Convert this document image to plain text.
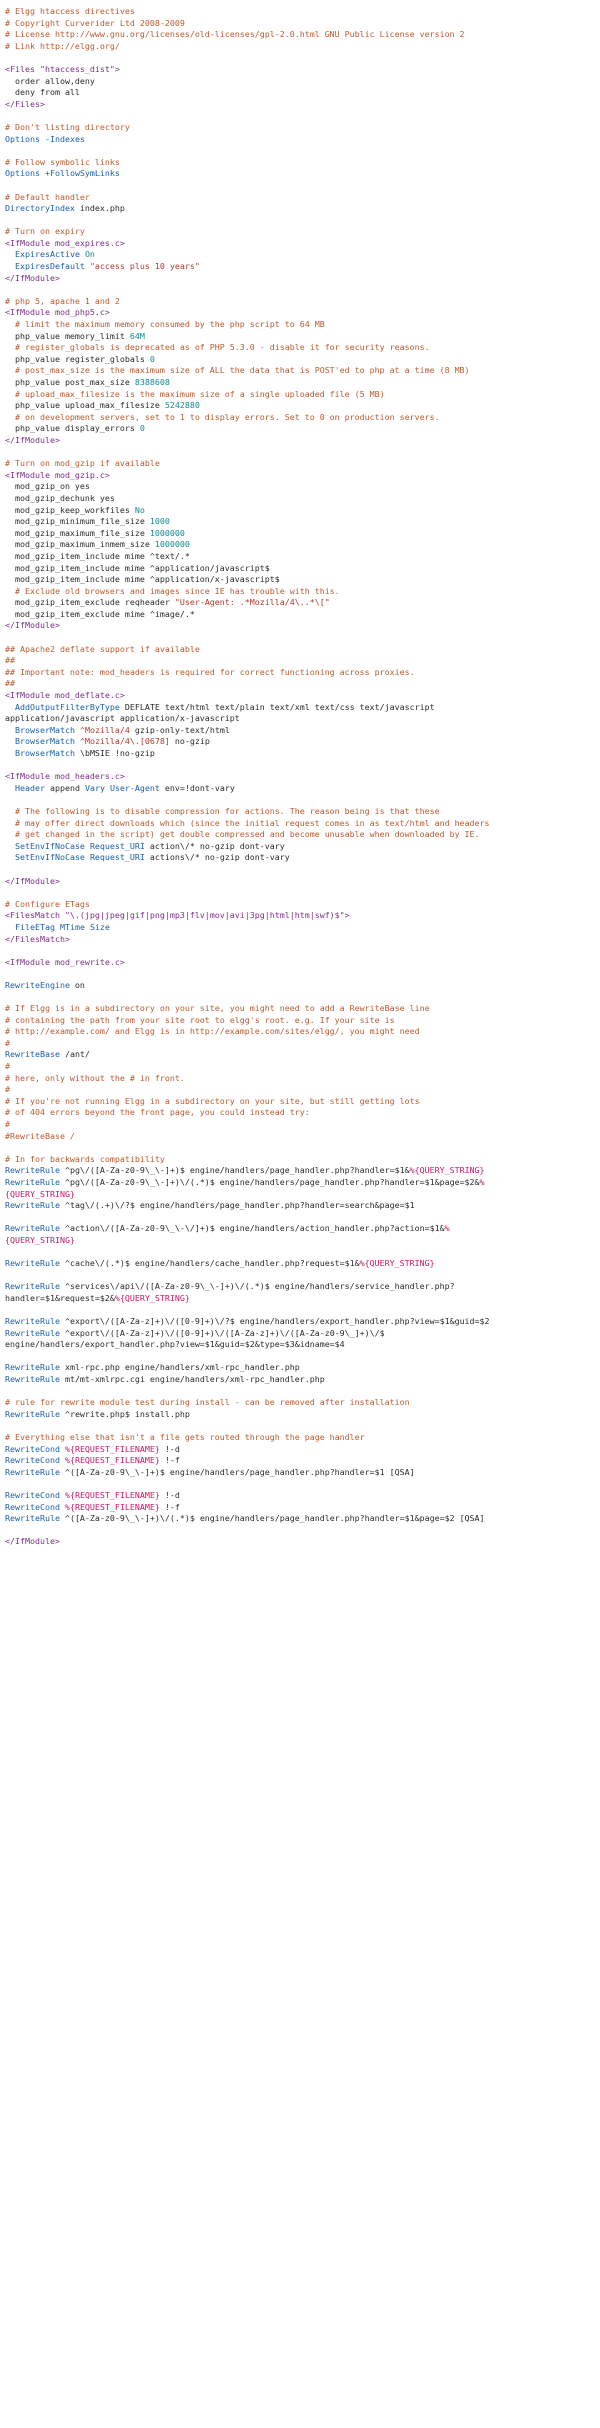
# Elgg htaccess directives
# Copyright Curverider Ltd 2008-2009
# License http://www.gnu.org/licenses/old-licenses/gpl-2.0.html GNU Public License version 2
# Link http://elgg.org/
<Files "htaccess_dist">
order allow,deny
deny from all
</Files>
# Don't listing directory
Options -Indexes
# Follow symbolic links
Options +FollowSymLinks
# Default handler
DirectoryIndex index.php
# Turn on expiry
<IfModule mod_expires.c>
ExpiresActive On
ExpiresDefault "access plus 10 years"
</IfModule>
# php 5, apache 1 and 2
<IfModule mod_php5.c>
# limit the maximum memory consumed by the php script to 64 MB
php_value memory_limit 64M
# register_globals is deprecated as of PHP 5.3.0 - disable it for security reasons.
php_value register_globals 0
# post_max_size is the maximum size of ALL the data that is POST'ed to php at a time (8 MB)
php_value post_max_size 8388608
# upload_max_filesize is the maximum size of a single uploaded file (5 MB)
php_value upload_max_filesize 5242880
# on development servers, set to 1 to display errors. Set to 0 on production servers.
php_value display_errors 0
</IfModule>
# Turn on mod_gzip if available
<IfModule mod_gzip.c>
mod_gzip_on yes
mod_gzip_dechunk yes
mod_gzip_keep_workfiles No
mod_gzip_minimum_file_size 1000
mod_gzip_maximum_file_size 1000000
mod_gzip_maximum_inmem_size 1000000
mod_gzip_item_include mime ^text/.*
mod_gzip_item_include mime ^application/javascript$
mod_gzip_item_include mime ^application/x-javascript$
# Exclude old browsers and images since IE has trouble with this.
mod_gzip_item_exclude reqheader "User-Agent: .*Mozilla/4\..*\["
mod_gzip_item_exclude mime ^image/.*
</IfModule>
## Apache2 deflate support if available
##
## Important note: mod_headers is required for correct functioning across proxies.
##
<IfModule mod_deflate.c>
AddOutputFilterByType DEFLATE text/html text/plain text/xml text/css text/javascript
application/javascript application/x-javascript
BrowserMatch ^Mozilla/4 gzip-only-text/html
BrowserMatch ^Mozilla/4\.[0678] no-gzip
BrowserMatch \bMSIE !no-gzip
<IfModule mod_headers.c>
Header append Vary User-Agent env=!dont-vary
# The following is to disable compression for actions. The reason being is that these
# may offer direct downloads which (since the initial request comes in as text/html and headers
# get changed in the script) get double compressed and become unusable when downloaded by IE.
SetEnvIfNoCase Request_URI action\/* no-gzip dont-vary
SetEnvIfNoCase Request_URI actions\/* no-gzip dont-vary
</IfModule>
# Configure ETags
<FilesMatch "\.(jpg|jpeg|gif|png|mp3|flv|mov|avi|3pg|html|htm|swf)$">
FileETag MTime Size
</FilesMatch>
<IfModule mod_rewrite.c>
RewriteEngine on
# If Elgg is in a subdirectory on your site, you might need to add a RewriteBase line
# containing the path from your site root to elgg's root. e.g. If your site is
# http://example.com/ and Elgg is in http://example.com/sites/elgg/, you might need
#
RewriteBase /ant/
#
# here, only without the # in front.
#
# If you're not running Elgg in a subdirectory on your site, but still getting lots
# of 404 errors beyond the front page, you could instead try:
#
#RewriteBase /
# In for backwards compatibility
RewriteRule ^pg\/([A-Za-z0-9\_\-]+)$ engine/handlers/page_handler.php?handler=$1&%{QUERY_STRING}
RewriteRule ^pg\/([A-Za-z0-9\_\-]+)\/(.*)$ engine/handlers/page_handler.php?handler=$1&page=$2&%
{QUERY_STRING}
RewriteRule ^tag\/(.+)\/?$ engine/handlers/page_handler.php?handler=search&page=$1
RewriteRule ^action\/([A-Za-z0-9\_\-\/]+)$ engine/handlers/action_handler.php?action=$1&%
{QUERY_STRING}
RewriteRule ^cache\/(.*)$ engine/handlers/cache_handler.php?request=$1&%{QUERY_STRING}
RewriteRule ^services\/api\/([A-Za-z0-9\_\-]+)\/(.*)$ engine/handlers/service_handler.php?
handler=$1&request=$2&%{QUERY_STRING}
RewriteRule ^export\/([A-Za-z]+)\/([0-9]+)\/?$ engine/handlers/export_handler.php?view=$1&guid=$2
RewriteRule ^export\/([A-Za-z]+)\/([0-9]+)\/([A-Za-z]+)\/([A-Za-z0-9\_]+)\/$
engine/handlers/export_handler.php?view=$1&guid=$2&type=$3&idname=$4
RewriteRule xml-rpc.php engine/handlers/xml-rpc_handler.php
RewriteRule mt/mt-xmlrpc.cgi engine/handlers/xml-rpc_handler.php
# rule for rewrite module test during install - can be removed after installation
RewriteRule ^rewrite.php$ install.php
# Everything else that isn't a file gets routed through the page handler
RewriteCond %{REQUEST_FILENAME} !-d
RewriteCond %{REQUEST_FILENAME} !-f
RewriteRule ^([A-Za-z0-9\_\-]+)$ engine/handlers/page_handler.php?handler=$1 [QSA]
RewriteCond %{REQUEST_FILENAME} !-d
RewriteCond %{REQUEST_FILENAME} !-f
RewriteRule ^([A-Za-z0-9\_\-]+)\/(.*)$ engine/handlers/page_handler.php?handler=$1&page=$2 [QSA]
</IfModule>
